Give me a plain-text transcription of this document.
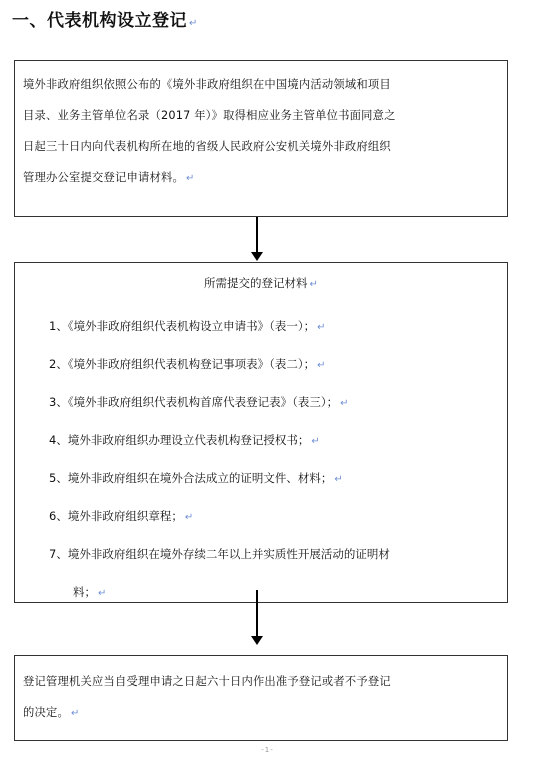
一、代表机构设立登记 ↵
境外非政府组织依照公布的《境外非政府组织在中国境内活动领域和项目
目录、业务主管单位名录（2017 年）》取得相应业务主管单位书面同意之
日起三十日内向代表机构所在地的省级人民政府公安机关境外非政府组织
管理办公室提交登记申请材料。 ↵
所需提交的登记材料 ↵
1、《境外非政府组织代表机构设立申请书》（表一）； ↵
2、《境外非政府组织代表机构登记事项表》（表二）； ↵
3、《境外非政府组织代表机构首席代表登记表》（表三）； ↵
4、境外非政府组织办理设立代表机构登记授权书； ↵
5、境外非政府组织在境外合法成立的证明文件、材料； ↵
6、境外非政府组织章程； ↵
7、境外非政府组织在境外存续二年以上并实质性开展活动的证明材
料； ↵
登记管理机关应当自受理申请之日起六十日内作出准予登记或者不予登记
的决定。 ↵
-1-
